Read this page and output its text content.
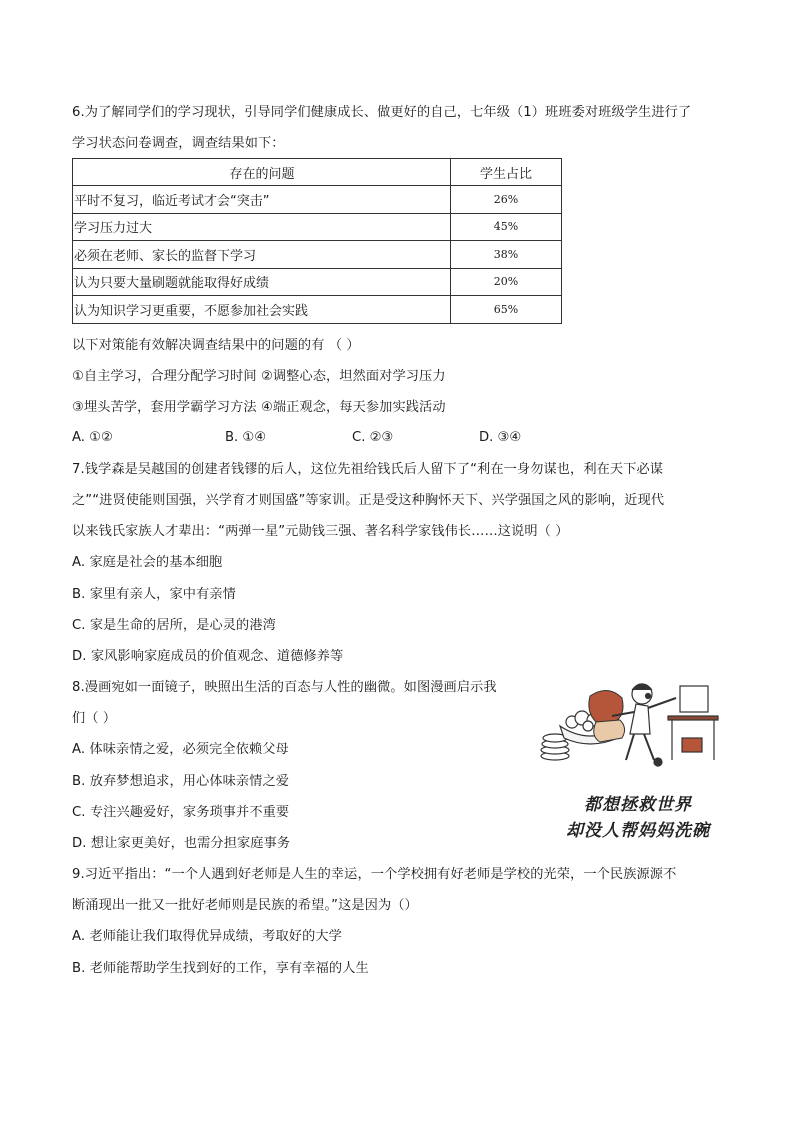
6.为了解同学们的学习现状，引导同学们健康成长、做更好的自己，七年级（1）班班委对班级学生进行了
学习状态问卷调查，调查结果如下：
存在的问题	学生占比
平时不复习，临近考试才会“突击”	26%
学习压力过大	45%
必须在老师、家长的监督下学习	38%
认为只要大量刷题就能取得好成绩	20%
认为知识学习更重要，不愿参加社会实践	65%
以下对策能有效解决调查结果中的问题的有 （ ）
①自主学习，合理分配学习时间 ②调整心态，坦然面对学习压力
③埋头苦学，套用学霸学习方法 ④端正观念，每天参加实践活动
A. ①②	B. ①④	C. ②③	D. ③④
7.钱学森是吴越国的创建者钱镠的后人，这位先祖给钱氏后人留下了“利在一身勿谋也，利在天下必谋
之”“进贤使能则国强，兴学育才则国盛”等家训。正是受这种胸怀天下、兴学强国之风的影响，近现代
以来钱氏家族人才辈出：“两弹一星”元勋钱三强、著名科学家钱伟长……这说明（ ）
A. 家庭是社会的基本细胞
B. 家里有亲人，家中有亲情
C. 家是生命的居所，是心灵的港湾
D. 家风影响家庭成员的价值观念、道德修养等
8.漫画宛如一面镜子，映照出生活的百态与人性的幽微。如图漫画启示我
们（ ）
A. 体味亲情之爱，必须完全依赖父母
B. 放弃梦想追求，用心体味亲情之爱
C. 专注兴趣爱好，家务琐事并不重要
D. 想让家更美好，也需分担家庭事务
都想拯救世界
却没人帮妈妈洗碗
9.习近平指出：“一个人遇到好老师是人生的幸运，一个学校拥有好老师是学校的光荣，一个民族源源不
断涌现出一批又一批好老师则是民族的希望。”这是因为（）
A. 老师能让我们取得优异成绩，考取好的大学
B. 老师能帮助学生找到好的工作，享有幸福的人生
